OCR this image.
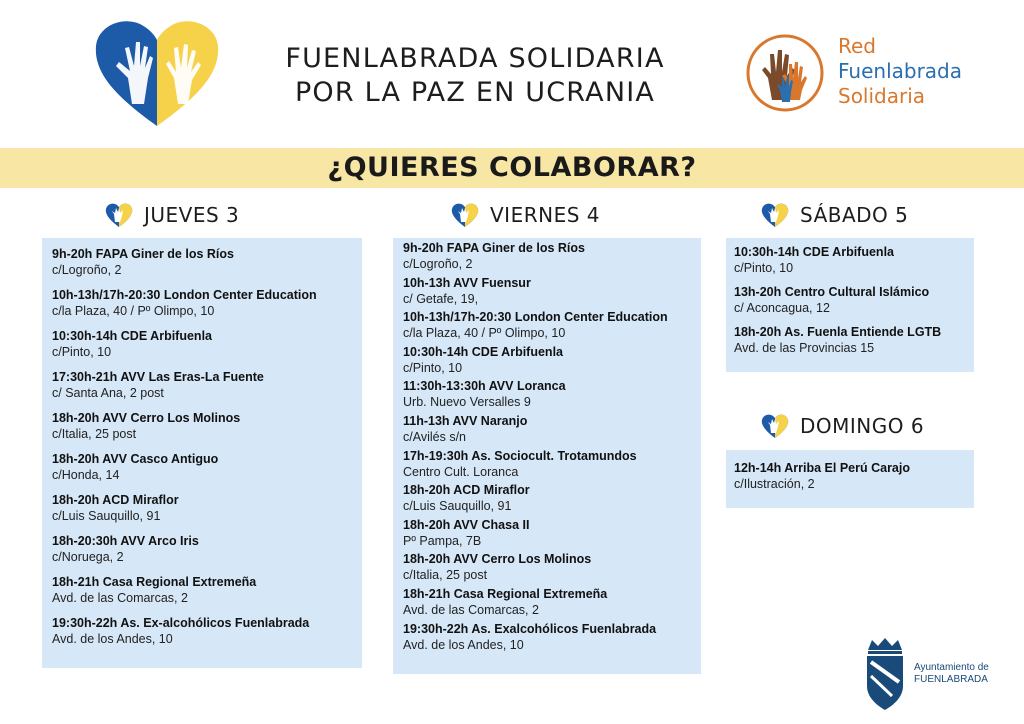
FUENLABRADA SOLIDARIA
POR LA PAZ EN UCRANIA
Red
Fuenlabrada
Solidaria
¿QUIERES COLABORAR?
JUEVES 3	VIERNES 4	SÁBADO 5
DOMINGO 6
9h-20h FAPA Giner de los Ríos
c/Logroño, 2
10h-13h/17h-20:30 London Center Education
c/la Plaza, 40 / Pº Olimpo, 10
10:30h-14h CDE Arbifuenla
c/Pinto, 10
17:30h-21h AVV Las Eras-La Fuente
c/ Santa Ana, 2 post
18h-20h AVV Cerro Los Molinos
c/Italia, 25 post
18h-20h AVV Casco Antiguo
c/Honda, 14
18h-20h ACD Miraflor
c/Luis Sauquillo, 91
18h-20:30h AVV Arco Iris
c/Noruega, 2
18h-21h Casa Regional Extremeña
Avd. de las Comarcas, 2
19:30h-22h As. Ex-alcohólicos Fuenlabrada
Avd. de los Andes, 10
9h-20h FAPA Giner de los Ríos
c/Logroño, 2
10h-13h AVV Fuensur
c/ Getafe, 19,
10h-13h/17h-20:30 London Center Education
c/la Plaza, 40 / Pº Olimpo, 10
10:30h-14h CDE Arbifuenla
c/Pinto, 10
11:30h-13:30h AVV Loranca
Urb. Nuevo Versalles 9
11h-13h AVV Naranjo
c/Avilés s/n
17h-19:30h As. Sociocult. Trotamundos
Centro Cult. Loranca
18h-20h ACD Miraflor
c/Luis Sauquillo, 91
18h-20h AVV Chasa II
Pº Pampa, 7B
18h-20h AVV Cerro Los Molinos
c/Italia, 25 post
18h-21h Casa Regional Extremeña
Avd. de las Comarcas, 2
19:30h-22h As. Exalcohólicos Fuenlabrada
Avd. de los Andes, 10
10:30h-14h CDE Arbifuenla
c/Pinto, 10
13h-20h Centro Cultural Islámico
c/ Aconcagua, 12
18h-20h As. Fuenla Entiende LGTB
Avd. de las Provincias 15
12h-14h Arriba El Perú Carajo
c/Ilustración, 2
Ayuntamiento de
FUENLABRADA
